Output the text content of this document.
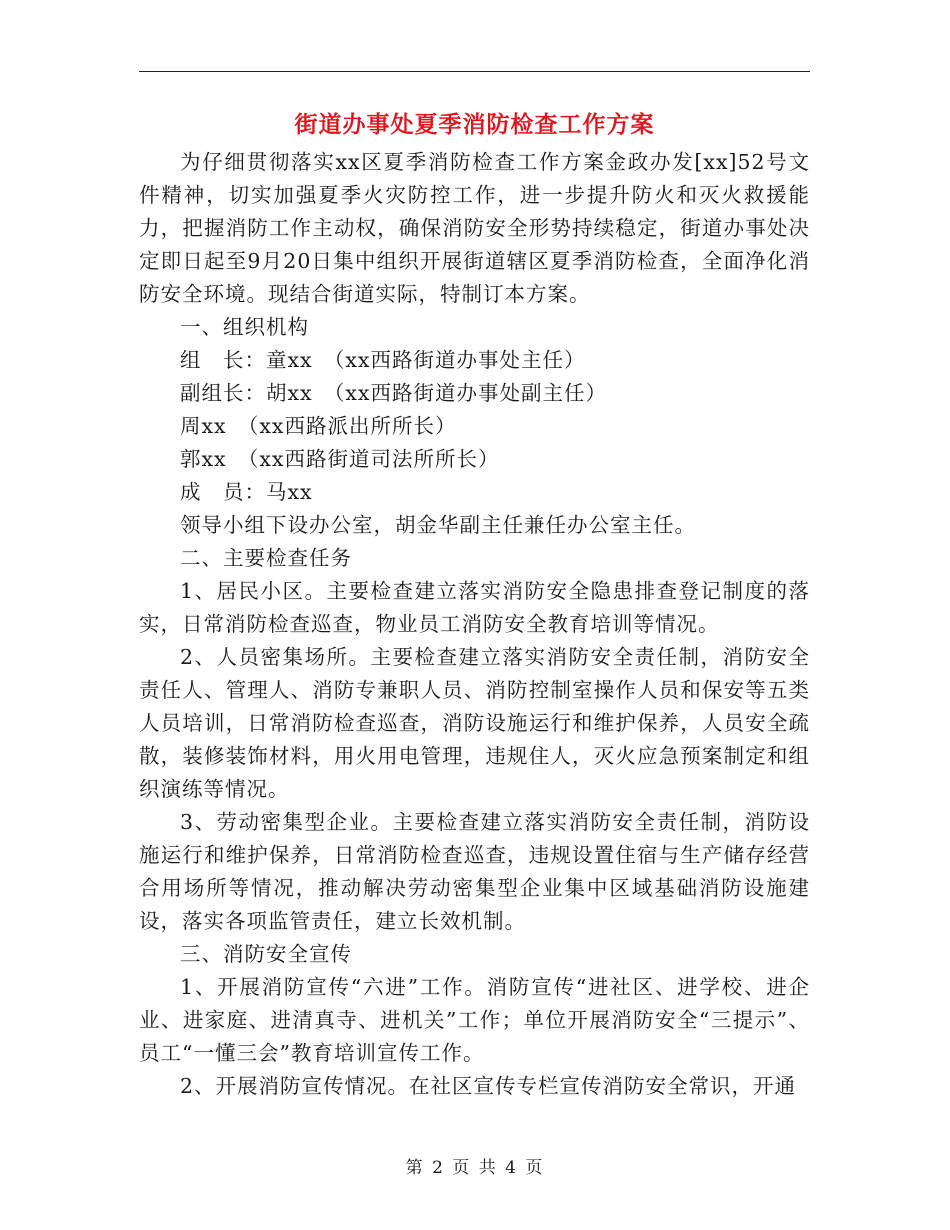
街道办事处夏季消防检查工作方案

为仔细贯彻落实xx区夏季消防检查工作方案金政办发[xx]52号文件精神，切实加强夏季火灾防控工作，进一步提升防火和灭火救援能力，把握消防工作主动权，确保消防安全形势持续稳定，街道办事处决定即日起至9月20日集中组织开展街道辖区夏季消防检查，全面净化消防安全环境。现结合街道实际，特制订本方案。

一、组织机构

组　长：童xx　（xx西路街道办事处主任）

副组长：胡xx　（xx西路街道办事处副主任）

周xx　（xx西路派出所所长）

郭xx　（xx西路街道司法所所长）

成　员：马xx

领导小组下设办公室，胡金华副主任兼任办公室主任。

二、主要检查任务

1、居民小区。主要检查建立落实消防安全隐患排查登记制度的落实，日常消防检查巡查，物业员工消防安全教育培训等情况。

2、人员密集场所。主要检查建立落实消防安全责任制，消防安全责任人、管理人、消防专兼职人员、消防控制室操作人员和保安等五类人员培训，日常消防检查巡查，消防设施运行和维护保养，人员安全疏散，装修装饰材料，用火用电管理，违规住人，灭火应急预案制定和组织演练等情况。

3、劳动密集型企业。主要检查建立落实消防安全责任制，消防设施运行和维护保养，日常消防检查巡查，违规设置住宿与生产储存经营合用场所等情况，推动解决劳动密集型企业集中区域基础消防设施建设，落实各项监管责任，建立长效机制。

三、消防安全宣传

1、开展消防宣传“六进”工作。消防宣传“进社区、进学校、进企业、进家庭、进清真寺、进机关”工作；单位开展消防安全“三提示”、员工“一懂三会”教育培训宣传工作。

2、开展消防宣传情况。在社区宣传专栏宣传消防安全常识，开通

第 2 页 共 4 页
